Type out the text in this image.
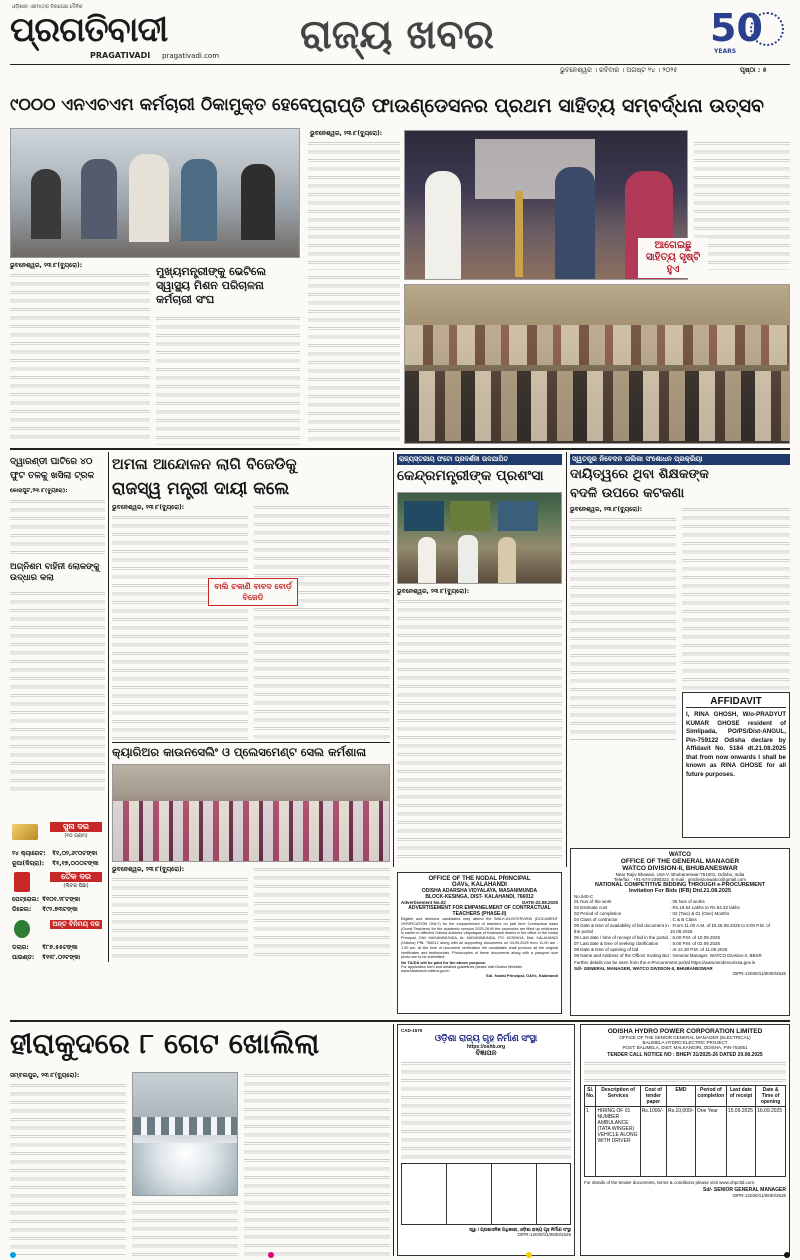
ଓଡ଼ିଶାର ଏକମାତ୍ର ନିରପେକ୍ଷ ଦୈନିକ
ପ୍ରଗତିବାଦୀ
PRAGATIVADI pragativadi.com ରାଜ୍ୟ ଖବର	50
YEARS
ଭୁବନେଶ୍ୱର । ରବିବାର । ଅଗଷ୍ଟ ୨୪ । ୨୦୨୫	ପୃଷ୍ଠା : ୫
୯୦୦୦ ଏନଏଚଏମ କର୍ମଚାରୀ ଠିକାମୁକ୍ତ ହେବେ
ଭୁବନେଶ୍ୱର, ୨୩।୮(ବ୍ୟୁରୋ):	ମୁଖ୍ୟମନ୍ତ୍ରୀଙ୍କୁ ଭେଟିଲେ ସ୍ୱାସ୍ଥ୍ୟ ମିଶନ ପରିଚାଳନା କର୍ମଚାରୀ ସଂଘ
ପ୍ରାପ୍ତି ଫାଉଣ୍ଡେସନର ପ୍ରଥମ ସାହିତ୍ୟ ସମ୍ବର୍ଦ୍ଧନା ଉତ୍ସବ
ଭୁବନେଶ୍ୱର, ୨୩।୮(ବ୍ୟୁରୋ):
ଆଗେଇଛୁ ସାହିତ୍ୟ ସୃଷ୍ଟି ହୁଏ
ଦ୍ୱାରଣ୍ଡୀ ଘାଟିରେ ୪୦
ଫୁଟ ତଳକୁ ଖସିଲା ଟ୍ରକ
କୋରାପୁଟ,୨୩।୮(ବ୍ୟୁରୋ):
ଅଗ୍ନିଶମ ବାହିନୀ ଲୋକଙ୍କୁ ଉଦ୍ଧାର କଲା
ସୁନା ଦର
(୧୦ ଗ୍ରାମ)
୨୪ କ୍ୟାରେଟ: ₹୧,୦୨,୬୯୦ଟଙ୍କା
ରୂପା(କିଗ୍ରା): ₹୧,୧୭,୦୦୦ଟଙ୍କା
ତୈଳ ଦର
(ଲିଟର ପିଛା)
ପେଟ୍ରୋଲ: ₹୧୦୧.୨୮ଟଙ୍କା
ଡିଜେଲ: ₹୯୨.୭୩ଟଙ୍କା
ଅନ୍ତ ବିନିମୟ ଦର
ଡଲାର: ₹୮୭.୫୫ଟଙ୍କା
ପାଉଣ୍ଡ: ₹୧୧୮.୦୨ଟଙ୍କା
ଅମଳା ଆନ୍ଦୋଳନ ଲାଗି ବିଜେଡିକୁ
ରାଜସ୍ୱ ମନ୍ତ୍ରୀ ଦାୟୀ କଲେ
ଭୁବନେଶ୍ୱର, ୨୩।୮(ବ୍ୟୁରୋ):
ବାଲି ଚକାଣି ବାବଦ ବୋର୍ଡ଼ ବିଜେଡି
କ୍ୟାରିଅର କାଉନସେଲିଂ ଓ ପ୍ଲେସମେଣ୍ଟ ସେଲ କର୍ମଶାଳା
ଭୁବନେଶ୍ୱର, ୨୩।୮(ବ୍ୟୁରୋ):
ରାଜ୍ୟସ୍ତରୀୟ ଫଟୋ ପ୍ରଦର୍ଶନୀ ଉଦଯାପିତ
କେନ୍ଦ୍ରମନ୍ତ୍ରୀଙ୍କ ପ୍ରଶଂସା
ଭୁବନେଶ୍ୱର, ୨୩।୮(ବ୍ୟୁରୋ):
ସ୍ୱତନ୍ତ୍ର ନିବେଦନ ତାଲିକା ସଂଶୋଧନ ପ୍ରକ୍ରିୟା
ଦାୟିତ୍ୱରେ ଥିବା ଶିକ୍ଷକଙ୍କ
ବଦଳି ଉପରେ କଟକଣା
ଭୁବନେଶ୍ୱର, ୨୩।୮(ବ୍ୟୁରୋ):
AFFIDAVIT
I, RINA GHOSH, W/o-PRADYUT KUMAR GHOSE resident of Simlipada, PO/PS/Dist-ANGUL, Pin-759122 Odisha declare by Affidavit No. 5184 dt.21.08.2025 that from now onwards I shall be known as RINA GHOSE for all future purposes.
WATCO
OFFICE OF THE GENERAL MANAGER
WATCO DIVISION-II, BHUBANESWAR
Near Rajiv Bhawan, Unit-V, Bhubaneswar-751001, Odisha, India
Tele/fax : +91-674-2390322, E-mail : gmdivisionwatco@gmail.com
NATIONAL COMPETITIVE BIDDING THROUGH e-PROCUREMENT
Invitation For Bids (IFB) Dtd.21.08.2025
No.940-C
01 Nos of the work	: 05 Nos of works
02 Estimate cost	: Rs.18.54 Lakhs to Rs.84.32 lakhs
03 Period of completion	: 02 (Two) & 01 (One) Months
04 Class of contractor	: C & B Class
05 Date & time of availability of bid document in the portal
: From 11.00 A.M. of Dt.26.08.2025 to 5:00 P.M. of 10.09.2025
06 Last date / time of receipt of bid in the portal : 5.00 P.M. of 10.09.2025
07 Last date & time of seeking clarification	: 5.00 P.M. of 02.09.2025
08 Date & time of opening of bid	: At 12.30 P.M. of 11.09.2025
09 Name and Address of the Officer Inviting Bid : General Manager, WATCO Division-II, BBSR
Further details can be seen from the e-Procurement portal https://www.tendersorissa.gov.in
Sd/- GENERAL MANAGER, WATCO DIVISION-II, BHUBANESWAR
OIPR-12030/11/0030/2526
OFFICE OF THE NODAL PRINCIPAL
OAVs, KALAHANDI
ODISHA ADARSHA VIDYALAYA, MASANIMUNDA
BLOCK-KESINGA, DIST- KALAHANDI, 766012
Advertisement No.02	DATE-22.08.2025
ADVERTISEMENT FOR EMPANELMENT OF CONTRACTUAL TEACHERS (PHASE-II)
Eligible and desirous candidates may attend the WALK-IN-INTERVIEW (DOCUMENT VERIFICATION ONLY) for the empanelment of teachers on part time Contractual basis (Guest Teachers) for the academic session 2025-26 till the vacancies are filled up whichever is earlier in different Odisha Adarsha Vidyalayas of Kalahandi district in the office of the Nodal Principal, OAV MASANIMUNDA, At: MASANIMUNDA, PO: KESINGA, Dist: KALAHANDI (Odisha) PIN: 766012 along with all supporting documents on 04.09.2025 from 11.00 am - 1.00 pm. At the time of document verification the candidates shall produce all the original certificates and testimonials. Photocopies of these documents along with a passport size photo are to be submitted.
No TA/DA will be paid for the above purpose.
For application form and detailed guidelines please visit District Website: www.kalahandi.odisha.gov.in
Sd/- Nodal Principal, OAVs, Kalahandi
ହୀରାକୁଦରେ ୮ ଗେଟ ଖୋଲିଲା
ସମ୍ବଲପୁର, ୨୩।୮(ବ୍ୟୁରୋ):
CAD-1575
ଓଡ଼ିଶା ରାଜ୍ୟ ଗୃହ ନିର୍ମାଣ ସଂସ୍ଥା
https://oshb.org
ବିଜ୍ଞାପନ
ସ୍ୱା / ପ୍ରଶାସନିକ ଅଧିକାରୀ, ଓଡ଼ିଶା ରାଜ୍ୟ ଗୃହ ନିର୍ମାଣ ସଂସ୍ଥା
OIPR-12030/11/0830/2526
ODISHA HYDRO POWER CORPORATION LIMITED
OFFICE OF THE SENIOR GENERAL MANAGER (ELECTRICAL)
BALIMELA HYDRO ELECTRIC PROJECT
POST: BALIMELA, DIST: MALKANGIRI, ODISHA, PIN-764051
TENDER CALL NOTICE NO : BHEP/ 31/2025-26 DATED 20.08.2025
Sl. No.	Description of Services	Cost of tender paper	EMD	Period of completion	Last date of receipt	Date & Time of opening
1	HIRING OF 01 NUMBER AMBULANCE (TATA WINGER) VEHICLE ALONG WITH DRIVER	Rs.1000/-	Rs.10,000/-	One Year	15.09.2025	16.09.2025
For details of the tender documents, terms & conditions please visit www.ohpcltd.com.
Sd/- SENIOR GENERAL MANAGER
OIPR-12030/11/0830/2526
